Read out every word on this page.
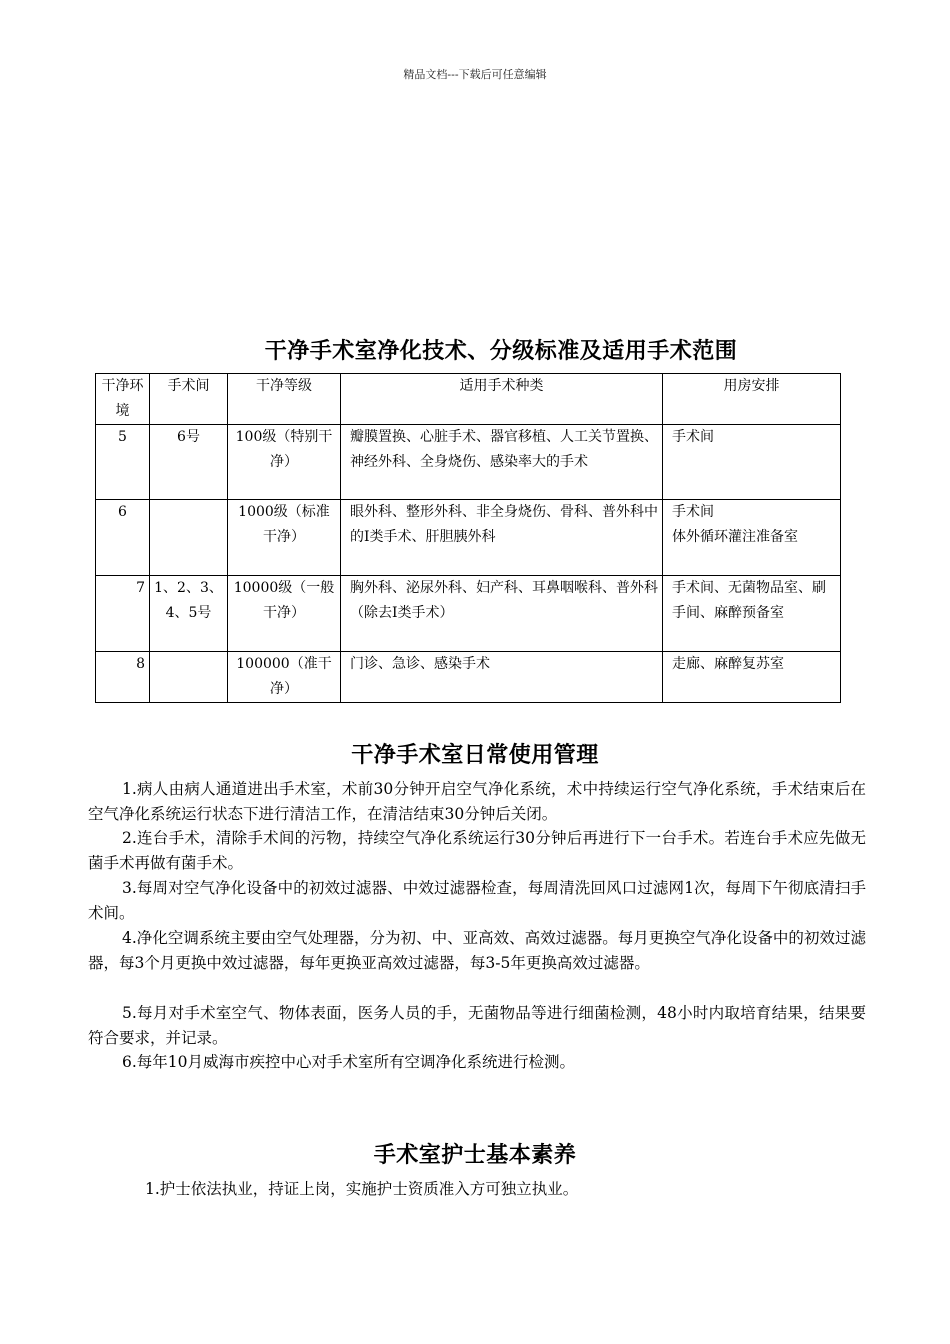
精品文档---下载后可任意编辑
干净手术室净化技术、分级标准及适用手术范围
干净环境	手术间	干净等级	适用手术种类	用房安排
5	6号	100级（特别干净）	瓣膜置换、心脏手术、器官移植、人工关节置换、神经外科、全身烧伤、感染率大的手术	手术间
6		1000级（标准干净）	眼外科、整形外科、非全身烧伤、骨科、普外科中的Ⅰ类手术、肝胆胰外科	手术间
体外循环灌注准备室

7	1、2、3、4、5号	10000级（一般干净）	胸外科、泌尿外科、妇产科、耳鼻咽喉科、普外科（除去Ⅰ类手术）	手术间、无菌物品室、刷手间、麻醉预备室
8		100000（准干净）	门诊、急诊、感染手术	走廊、麻醉复苏室
干净手术室日常使用管理
1.病人由病人通道进出手术室，术前30分钟开启空气净化系统，术中持续运行空气净化系统，手术结束后在空气净化系统运行状态下进行清洁工作，在清洁结束30分钟后关闭。
2.连台手术，清除手术间的污物，持续空气净化系统运行30分钟后再进行下一台手术。若连台手术应先做无菌手术再做有菌手术。
3.每周对空气净化设备中的初效过滤器、中效过滤器检查，每周清洗回风口过滤网1次，每周下午彻底清扫手术间。
4.净化空调系统主要由空气处理器，分为初、中、亚高效、高效过滤器。每月更换空气净化设备中的初效过滤器，每3个月更换中效过滤器，每年更换亚高效过滤器，每3-5年更换高效过滤器。
5.每月对手术室空气、物体表面，医务人员的手，无菌物品等进行细菌检测，48小时内取培育结果，结果要符合要求，并记录。
6.每年10月威海市疾控中心对手术室所有空调净化系统进行检测。
手术室护士基本素养
1.护士依法执业，持证上岗，实施护士资质准入方可独立执业。
